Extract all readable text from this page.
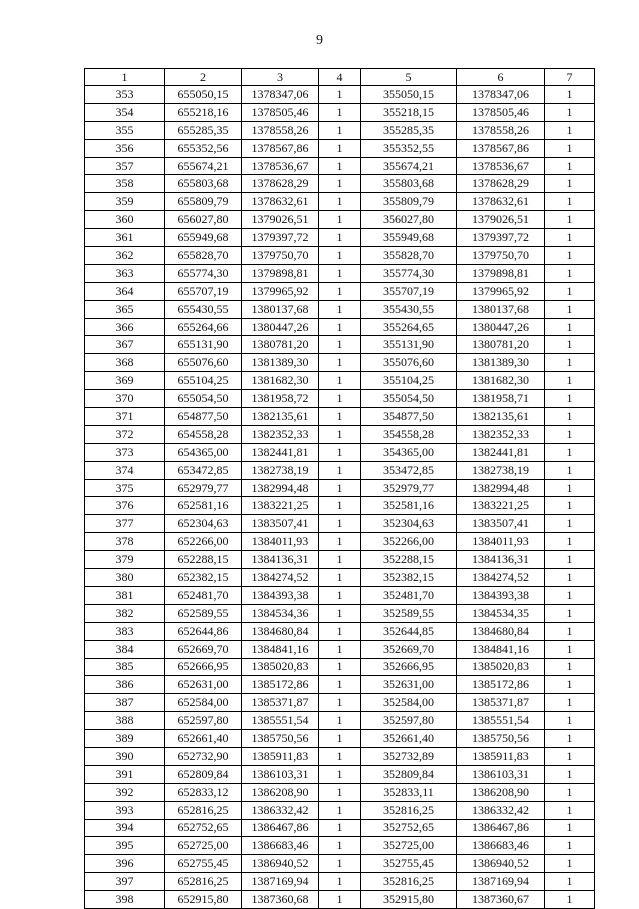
9
1	2	3	4	5	6	7
353	655050,15	1378347,06	1	355050,15	1378347,06	1
354	655218,16	1378505,46	1	355218,15	1378505,46	1
355	655285,35	1378558,26	1	355285,35	1378558,26	1
356	655352,56	1378567,86	1	355352,55	1378567,86	1
357	655674,21	1378536,67	1	355674,21	1378536,67	1
358	655803,68	1378628,29	1	355803,68	1378628,29	1
359	655809,79	1378632,61	1	355809,79	1378632,61	1
360	656027,80	1379026,51	1	356027,80	1379026,51	1
361	655949,68	1379397,72	1	355949,68	1379397,72	1
362	655828,70	1379750,70	1	355828,70	1379750,70	1
363	655774,30	1379898,81	1	355774,30	1379898,81	1
364	655707,19	1379965,92	1	355707,19	1379965,92	1
365	655430,55	1380137,68	1	355430,55	1380137,68	1
366	655264,66	1380447,26	1	355264,65	1380447,26	1
367	655131,90	1380781,20	1	355131,90	1380781,20	1
368	655076,60	1381389,30	1	355076,60	1381389,30	1
369	655104,25	1381682,30	1	355104,25	1381682,30	1
370	655054,50	1381958,72	1	355054,50	1381958,71	1
371	654877,50	1382135,61	1	354877,50	1382135,61	1
372	654558,28	1382352,33	1	354558,28	1382352,33	1
373	654365,00	1382441,81	1	354365,00	1382441,81	1
374	653472,85	1382738,19	1	353472,85	1382738,19	1
375	652979,77	1382994,48	1	352979,77	1382994,48	1
376	652581,16	1383221,25	1	352581,16	1383221,25	1
377	652304,63	1383507,41	1	352304,63	1383507,41	1
378	652266,00	1384011,93	1	352266,00	1384011,93	1
379	652288,15	1384136,31	1	352288,15	1384136,31	1
380	652382,15	1384274,52	1	352382,15	1384274,52	1
381	652481,70	1384393,38	1	352481,70	1384393,38	1
382	652589,55	1384534,36	1	352589,55	1384534,35	1
383	652644,86	1384680,84	1	352644,85	1384680,84	1
384	652669,70	1384841,16	1	352669,70	1384841,16	1
385	652666,95	1385020,83	1	352666,95	1385020,83	1
386	652631,00	1385172,86	1	352631,00	1385172,86	1
387	652584,00	1385371,87	1	352584,00	1385371,87	1
388	652597,80	1385551,54	1	352597,80	1385551,54	1
389	652661,40	1385750,56	1	352661,40	1385750,56	1
390	652732,90	1385911,83	1	352732,89	1385911,83	1
391	652809,84	1386103,31	1	352809,84	1386103,31	1
392	652833,12	1386208,90	1	352833,11	1386208,90	1
393	652816,25	1386332,42	1	352816,25	1386332,42	1
394	652752,65	1386467,86	1	352752,65	1386467,86	1
395	652725,00	1386683,46	1	352725,00	1386683,46	1
396	652755,45	1386940,52	1	352755,45	1386940,52	1
397	652816,25	1387169,94	1	352816,25	1387169,94	1
398	652915,80	1387360,68	1	352915,80	1387360,67	1
